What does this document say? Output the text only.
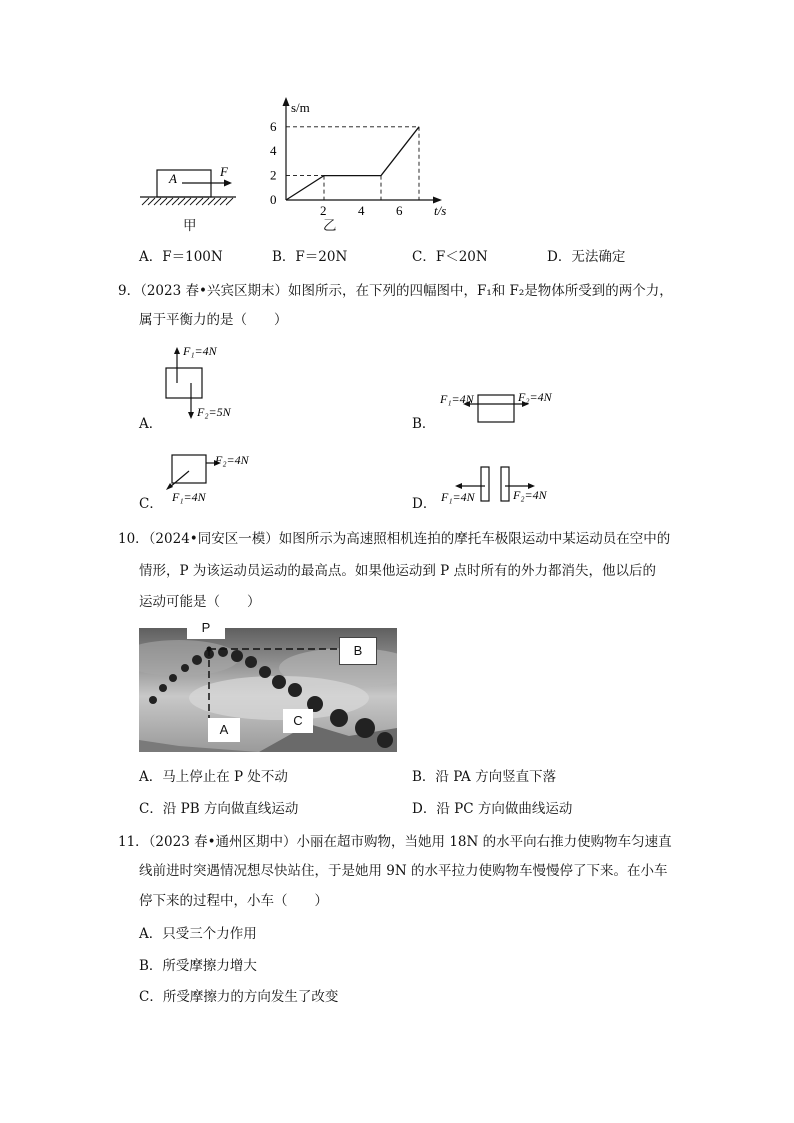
A	F
甲
s/m
t/s
0
2
4
6
2 4 6
乙
A．F＝100N	B．F＝20N	C．F＜20N	D．无法确定
9．（2023 春•兴宾区期末）如图所示，在下列的四幅图中，F₁和 F₂是物体所受到的两个力，
属于平衡力的是（　　）
A．
F₁=4N
F₂=5N
B．
F₁=4N	F₂=4N
C．
F₂=4N
F₁=4N	D． F₁=4N	F₂=4N
10．（2024•同安区一模）如图所示为高速照相机连拍的摩托车极限运动中某运动员在空中的
情形，P 为该运动员运动的最高点。如果他运动到 P 点时所有的外力都消失，他以后的
运动可能是（　　）
P
B
A
C
A．马上停止在 P 处不动	B．沿 PA 方向竖直下落
C．沿 PB 方向做直线运动	D．沿 PC 方向做曲线运动
11．（2023 春•通州区期中）小丽在超市购物，当她用 18N 的水平向右推力使购物车匀速直
线前进时突遇情况想尽快站住，于是她用 9N 的水平拉力使购物车慢慢停了下来。在小车
停下来的过程中，小车（　　）
A．只受三个力作用
B．所受摩擦力增大
C．所受摩擦力的方向发生了改变
